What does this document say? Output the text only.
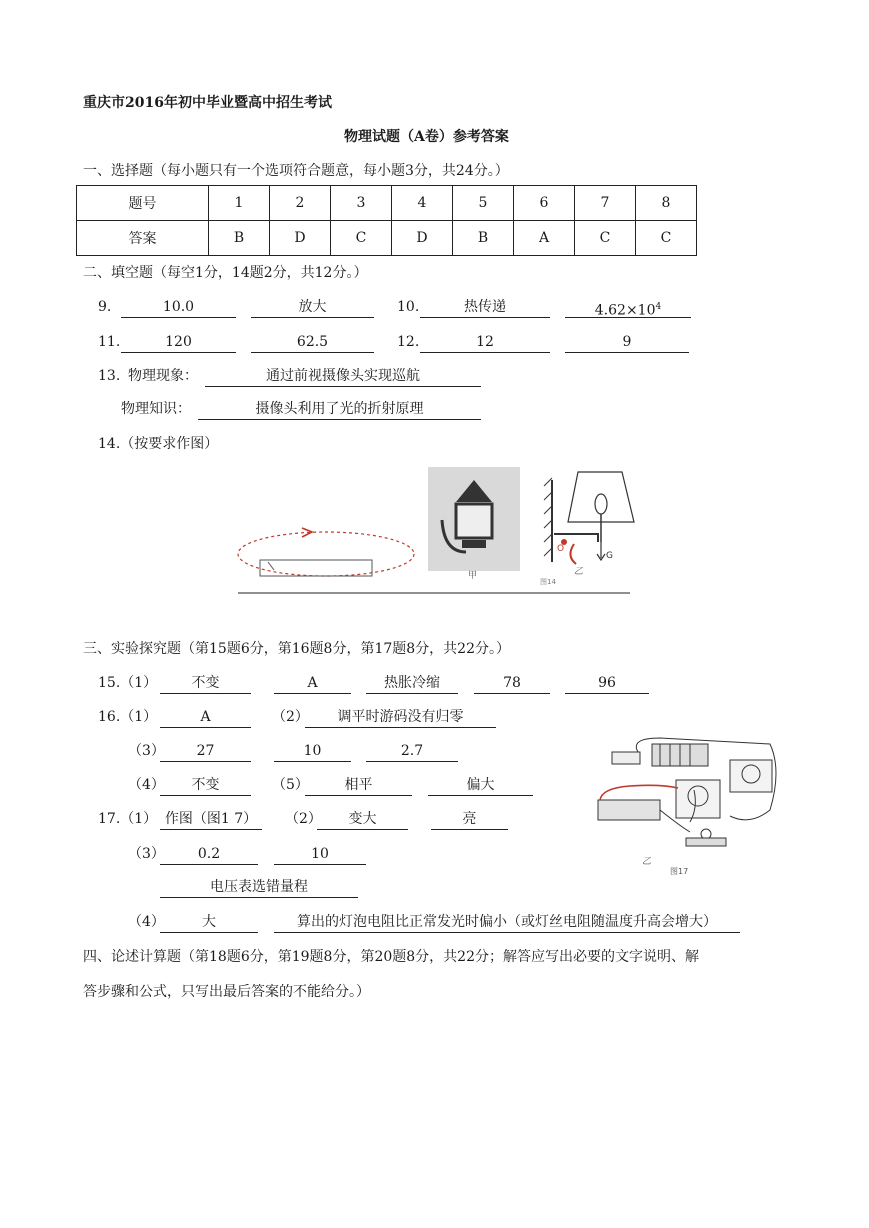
重庆市2016年初中毕业暨高中招生考试
物理试题（A卷）参考答案
一、选择题（每小题只有一个选项符合题意，每小题3分，共24分。）
题号	1	2	3	4	5	6	7	8
答案	B	D	C	D	B	A	C	C
二、填空题（每空1分，14题2分，共12分。）
9.	10.0	放大	10.	热传递	$4.62\times 10^4$
11.	120	62.5	12.	12	9
13. 物理现象：	通过前视摄像头实现巡航
物理知识：	摄像头利用了光的折射原理
14.（按要求作图）
甲
O
G
乙
图14
三、实验探究题（第15题6分，第16题8分，第17题8分，共22分。）
15.（1）	不变	A	热胀冷缩	78	96
16.（1）	A	（2）	调平时游码没有归零
（3）	27	10	2.7
（4）	不变	（5）	相平	偏大
17.（1） 作图（图1 7）	（2）	变大	亮
（3）	0.2	10
电压表选错量程
（4）	大	算出的灯泡电阻比正常发光时偏小（或灯丝电阻随温度升高会增大）
乙
图17
四、论述计算题（第18题6分，第19题8分，第20题8分，共22分；解答应写出必要的文字说明、解
答步骤和公式，只写出最后答案的不能给分。）
